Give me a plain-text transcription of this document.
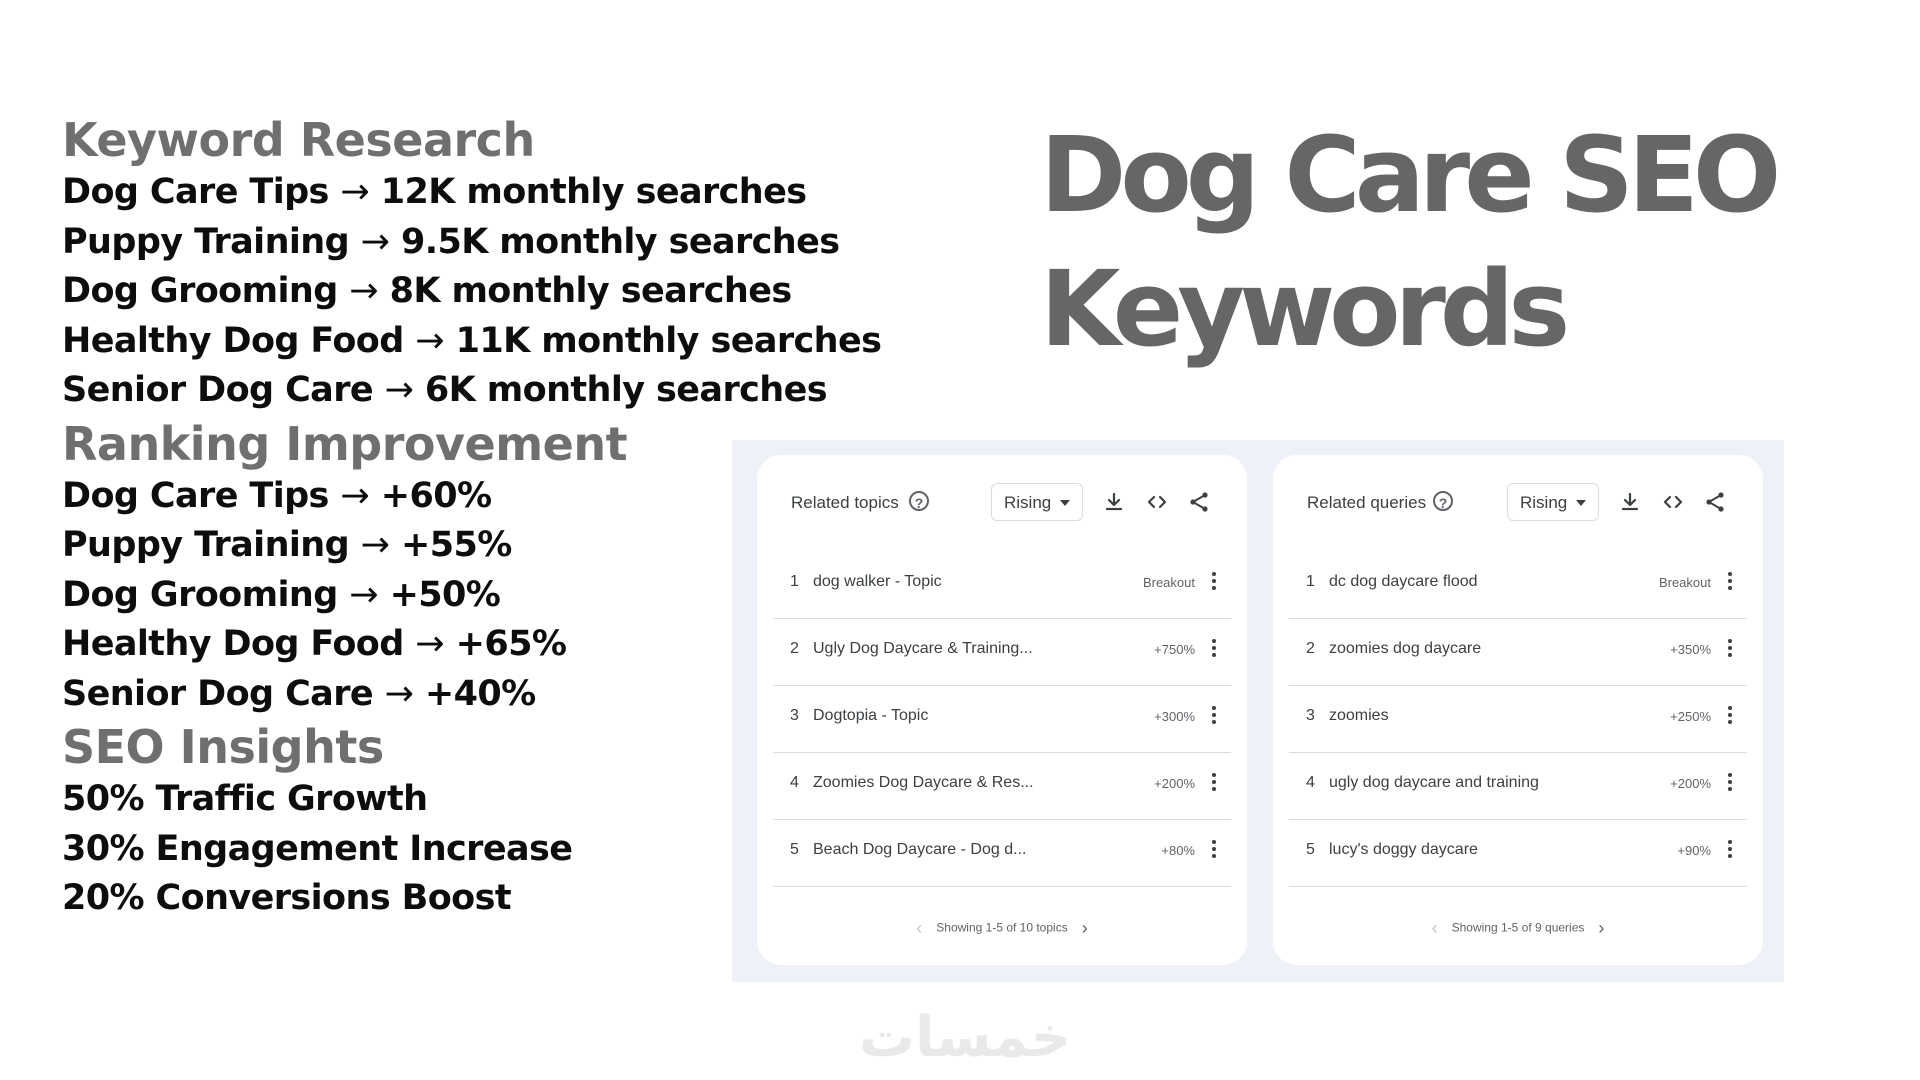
Keyword Research
Dog Care Tips → 12K monthly searches
Puppy Training → 9.5K monthly searches
Dog Grooming → 8K monthly searches
Healthy Dog Food → 11K monthly searches
Senior Dog Care → 6K monthly searches
Ranking Improvement
Dog Care Tips → +60%
Puppy Training → +55%
Dog Grooming → +50%
Healthy Dog Food → +65%
Senior Dog Care → +40%
SEO Insights
50% Traffic Growth
30% Engagement Increase
20% Conversions Boost
Dog Care SEO
Keywords
Related topics	?	Rising
1 dog walker - Topic	Breakout
2 Ugly Dog Daycare & Training...	+750%
3 Dogtopia - Topic	+300%
4 Zoomies Dog Daycare & Res...	+200%
5 Beach Dog Daycare - Dog d...	+80%
‹ Showing 1-5 of 10 topics ›
Related queries ?	Rising
1 dc dog daycare flood	Breakout
2 zoomies dog daycare	+350%
3 zoomies	+250%
4 ugly dog daycare and training	+200%
5 lucy's doggy daycare	+90%
‹ Showing 1-5 of 9 queries ›
خمسات
